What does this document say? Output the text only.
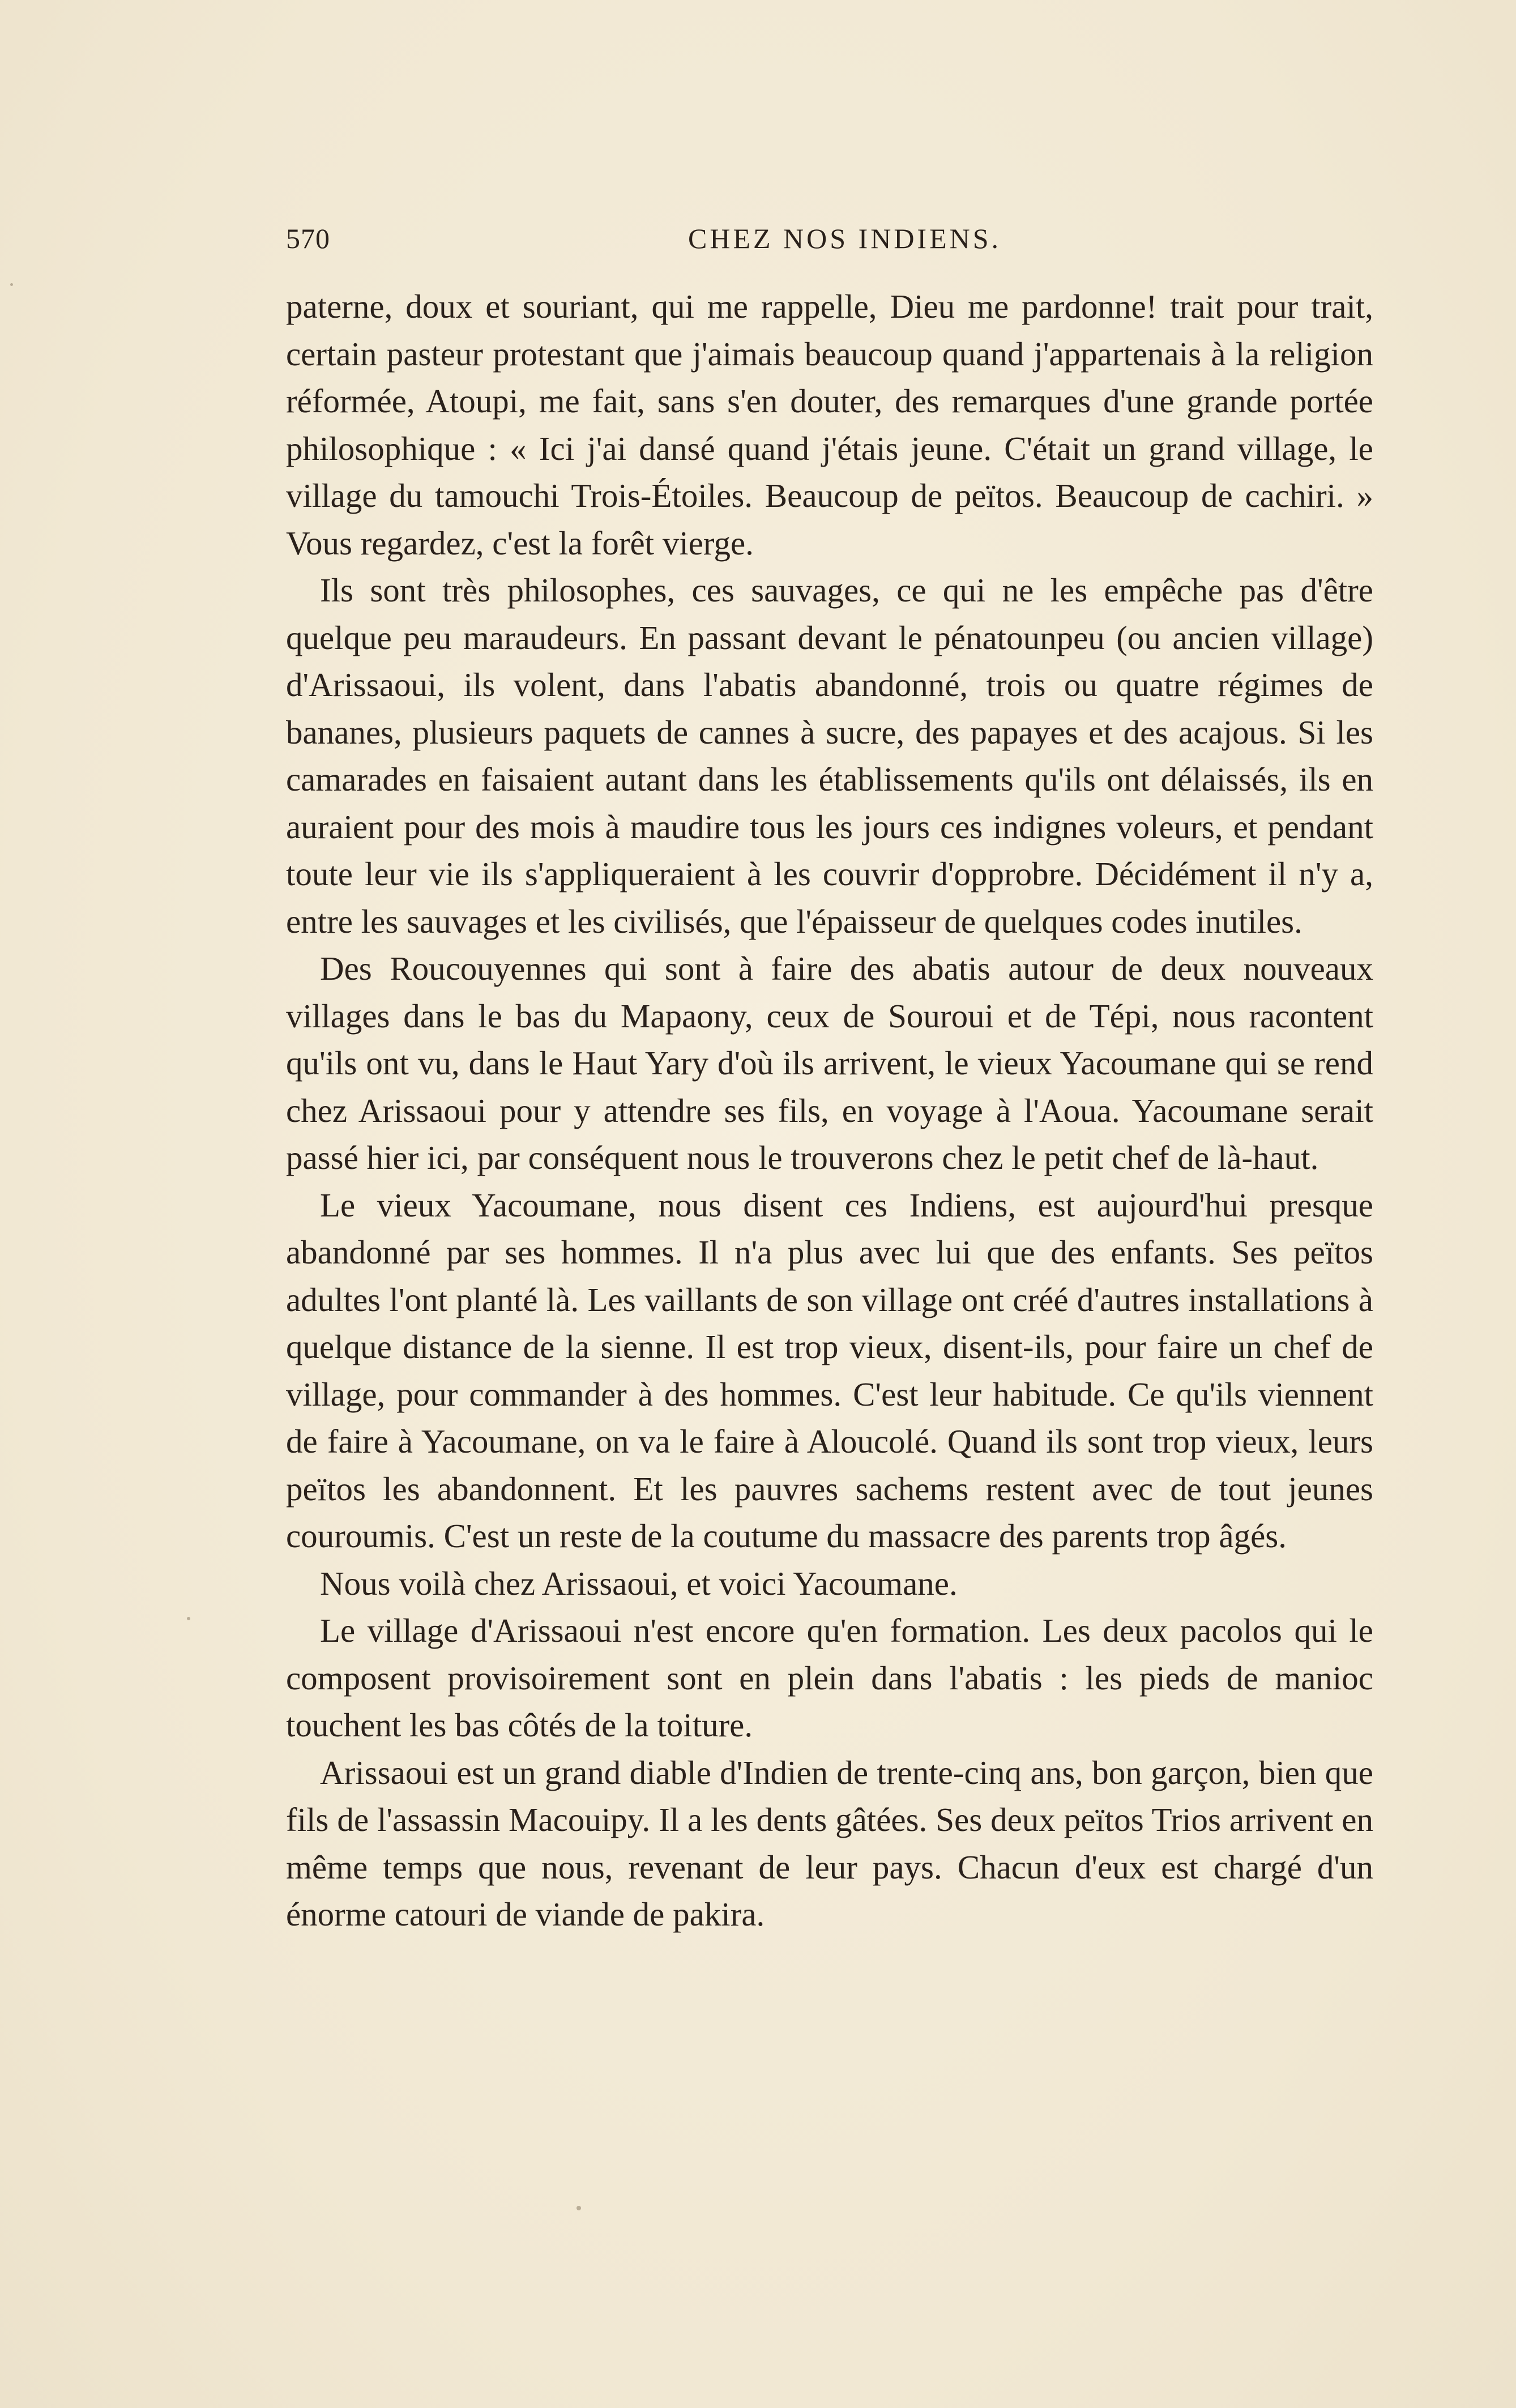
570	CHEZ NOS INDIENS.

paterne, doux et souriant, qui me rappelle, Dieu me pardonne! trait pour trait, certain pasteur protestant que j'aimais beaucoup quand j'appartenais à la religion réformée, Atoupi, me fait, sans s'en douter, des remarques d'une grande portée philosophique : « Ici j'ai dansé quand j'étais jeune. C'était un grand village, le village du tamouchi Trois-Étoiles. Beaucoup de peïtos. Beaucoup de cachiri. » Vous regardez, c'est la forêt vierge.

Ils sont très philosophes, ces sauvages, ce qui ne les empêche pas d'être quelque peu maraudeurs. En passant devant le pénatounpeu (ou ancien village) d'Arissaoui, ils volent, dans l'abatis abandonné, trois ou quatre régimes de bananes, plusieurs paquets de cannes à sucre, des papayes et des acajous. Si les camarades en faisaient autant dans les établissements qu'ils ont délaissés, ils en auraient pour des mois à maudire tous les jours ces indignes voleurs, et pendant toute leur vie ils s'appliqueraient à les couvrir d'opprobre. Décidément il n'y a, entre les sauvages et les civilisés, que l'épaisseur de quelques codes inutiles.

Des Roucouyennes qui sont à faire des abatis autour de deux nouveaux villages dans le bas du Mapaony, ceux de Souroui et de Tépi, nous racontent qu'ils ont vu, dans le Haut Yary d'où ils arrivent, le vieux Yacoumane qui se rend chez Arissaoui pour y attendre ses fils, en voyage à l'Aoua. Yacoumane serait passé hier ici, par conséquent nous le trouverons chez le petit chef de là-haut.

Le vieux Yacoumane, nous disent ces Indiens, est aujourd'hui presque abandonné par ses hommes. Il n'a plus avec lui que des enfants. Ses peïtos adultes l'ont planté là. Les vaillants de son village ont créé d'autres installations à quelque distance de la sienne. Il est trop vieux, disent-ils, pour faire un chef de village, pour commander à des hommes. C'est leur habitude. Ce qu'ils viennent de faire à Yacoumane, on va le faire à Aloucolé. Quand ils sont trop vieux, leurs peïtos les abandonnent. Et les pauvres sachems restent avec de tout jeunes couroumis. C'est un reste de la coutume du massacre des parents trop âgés.

Nous voilà chez Arissaoui, et voici Yacoumane.

Le village d'Arissaoui n'est encore qu'en formation. Les deux pacolos qui le composent provisoirement sont en plein dans l'abatis : les pieds de manioc touchent les bas côtés de la toiture.

Arissaoui est un grand diable d'Indien de trente-cinq ans, bon garçon, bien que fils de l'assassin Macouipy. Il a les dents gâtées. Ses deux peïtos Trios arrivent en même temps que nous, revenant de leur pays. Chacun d'eux est chargé d'un énorme catouri de viande de pakira.
